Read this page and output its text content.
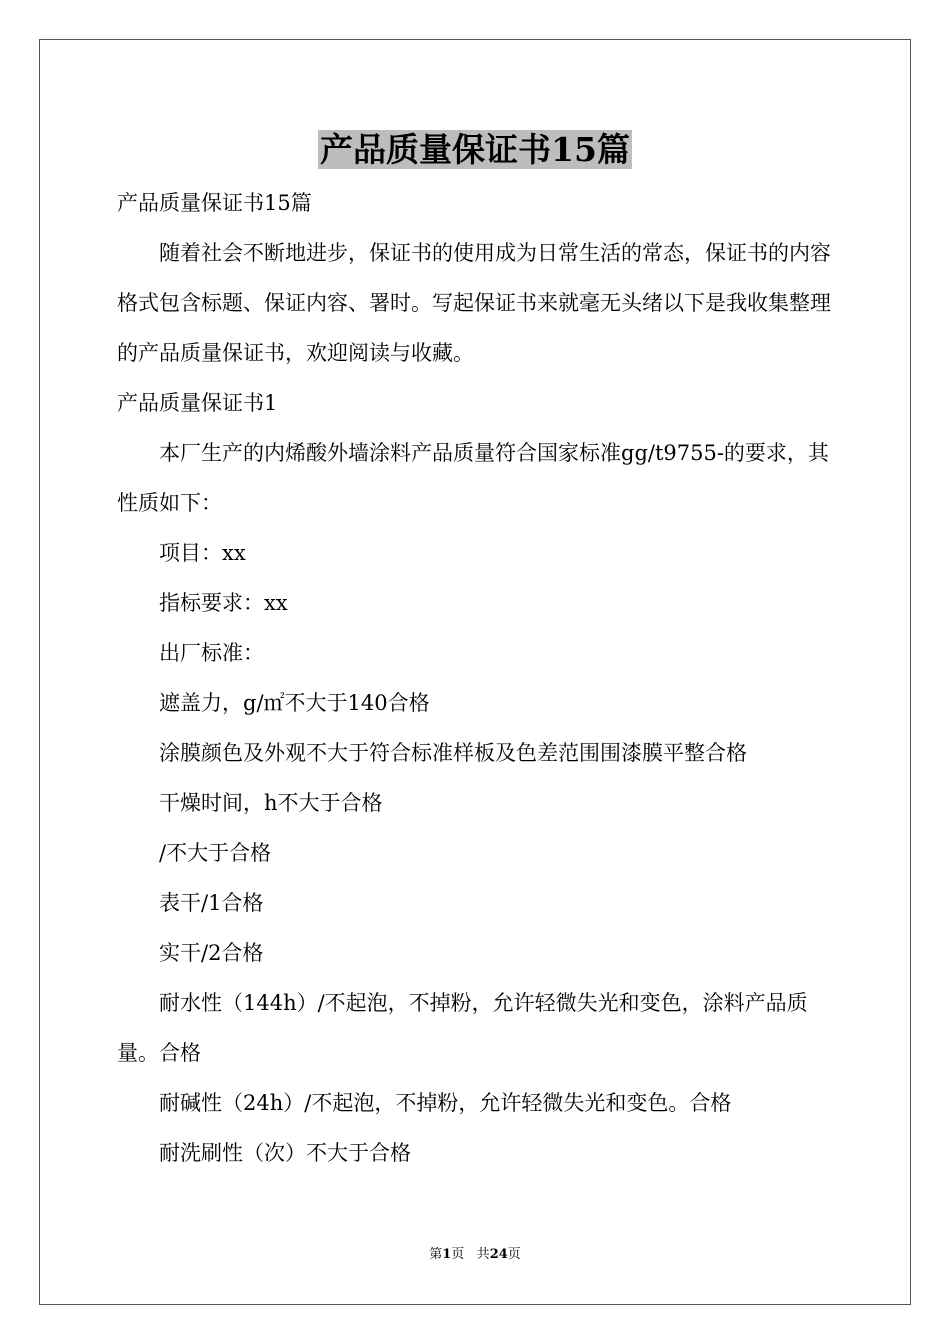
产品质量保证书15篇

产品质量保证书15篇

随着社会不断地进步，保证书的使用成为日常生活的常态，保证书的内容格式包含标题、保证内容、署时。写起保证书来就毫无头绪以下是我收集整理的产品质量保证书，欢迎阅读与收藏。

产品质量保证书1

本厂生产的内烯酸外墙涂料产品质量符合国家标准gg/t9755-的要求，其性质如下：

项目：xx

指标要求：xx

出厂标准：

遮盖力，g/㎡不大于140合格

涂膜颜色及外观不大于符合标准样板及色差范围围漆膜平整合格

干燥时间，h不大于合格

/不大于合格

表干/1合格

实干/2合格

耐水性（144h）/不起泡，不掉粉，允许轻微失光和变色，涂料产品质量。合格

耐碱性（24h）/不起泡，不掉粉，允许轻微失光和变色。合格

耐洗刷性（次）不大于合格

第1页 共24页
